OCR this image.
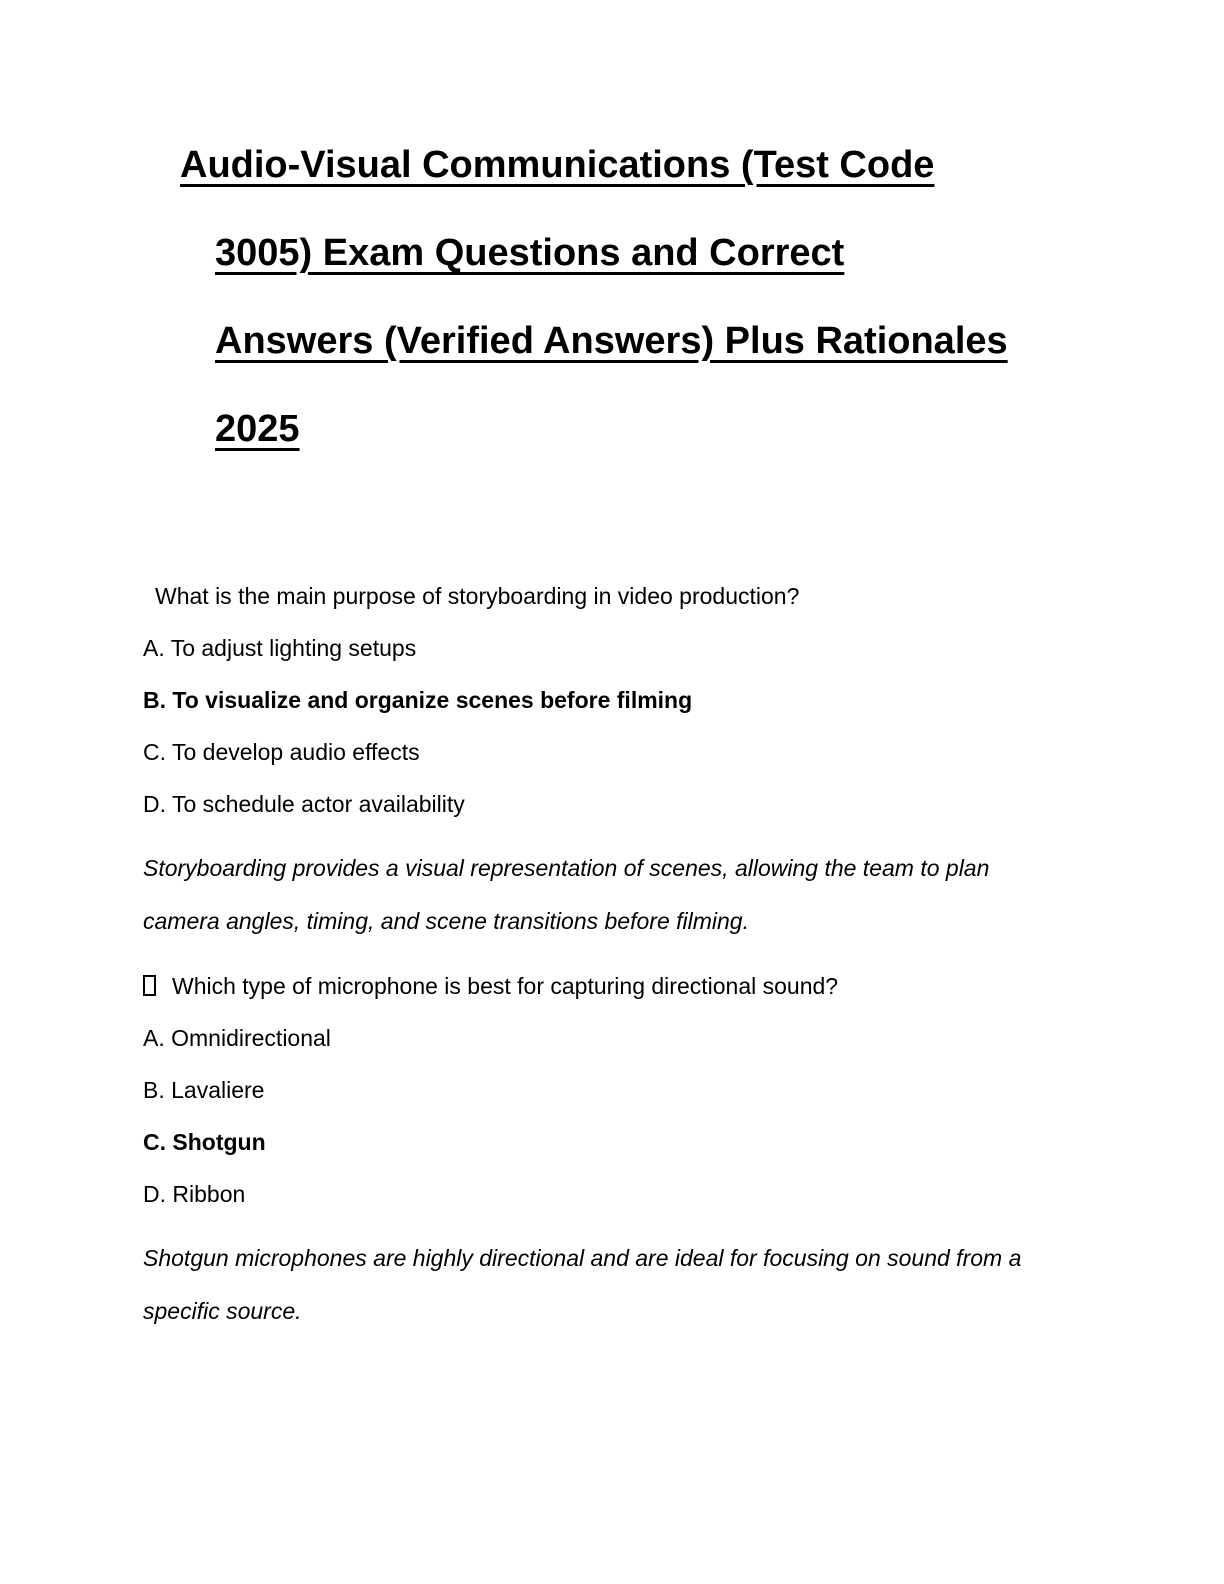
Audio-Visual Communications (Test Code
3005) Exam Questions and Correct
Answers (Verified Answers) Plus Rationales
2025

What is the main purpose of storyboarding in video production?

A. To adjust lighting setups

B. To visualize and organize scenes before filming

C. To develop audio effects

D. To schedule actor availability

Storyboarding provides a visual representation of scenes, allowing the team to plan camera angles, timing, and scene transitions before filming.

Which type of microphone is best for capturing directional sound?

A. Omnidirectional

B. Lavaliere

C. Shotgun

D. Ribbon

Shotgun microphones are highly directional and are ideal for focusing on sound from a specific source.
